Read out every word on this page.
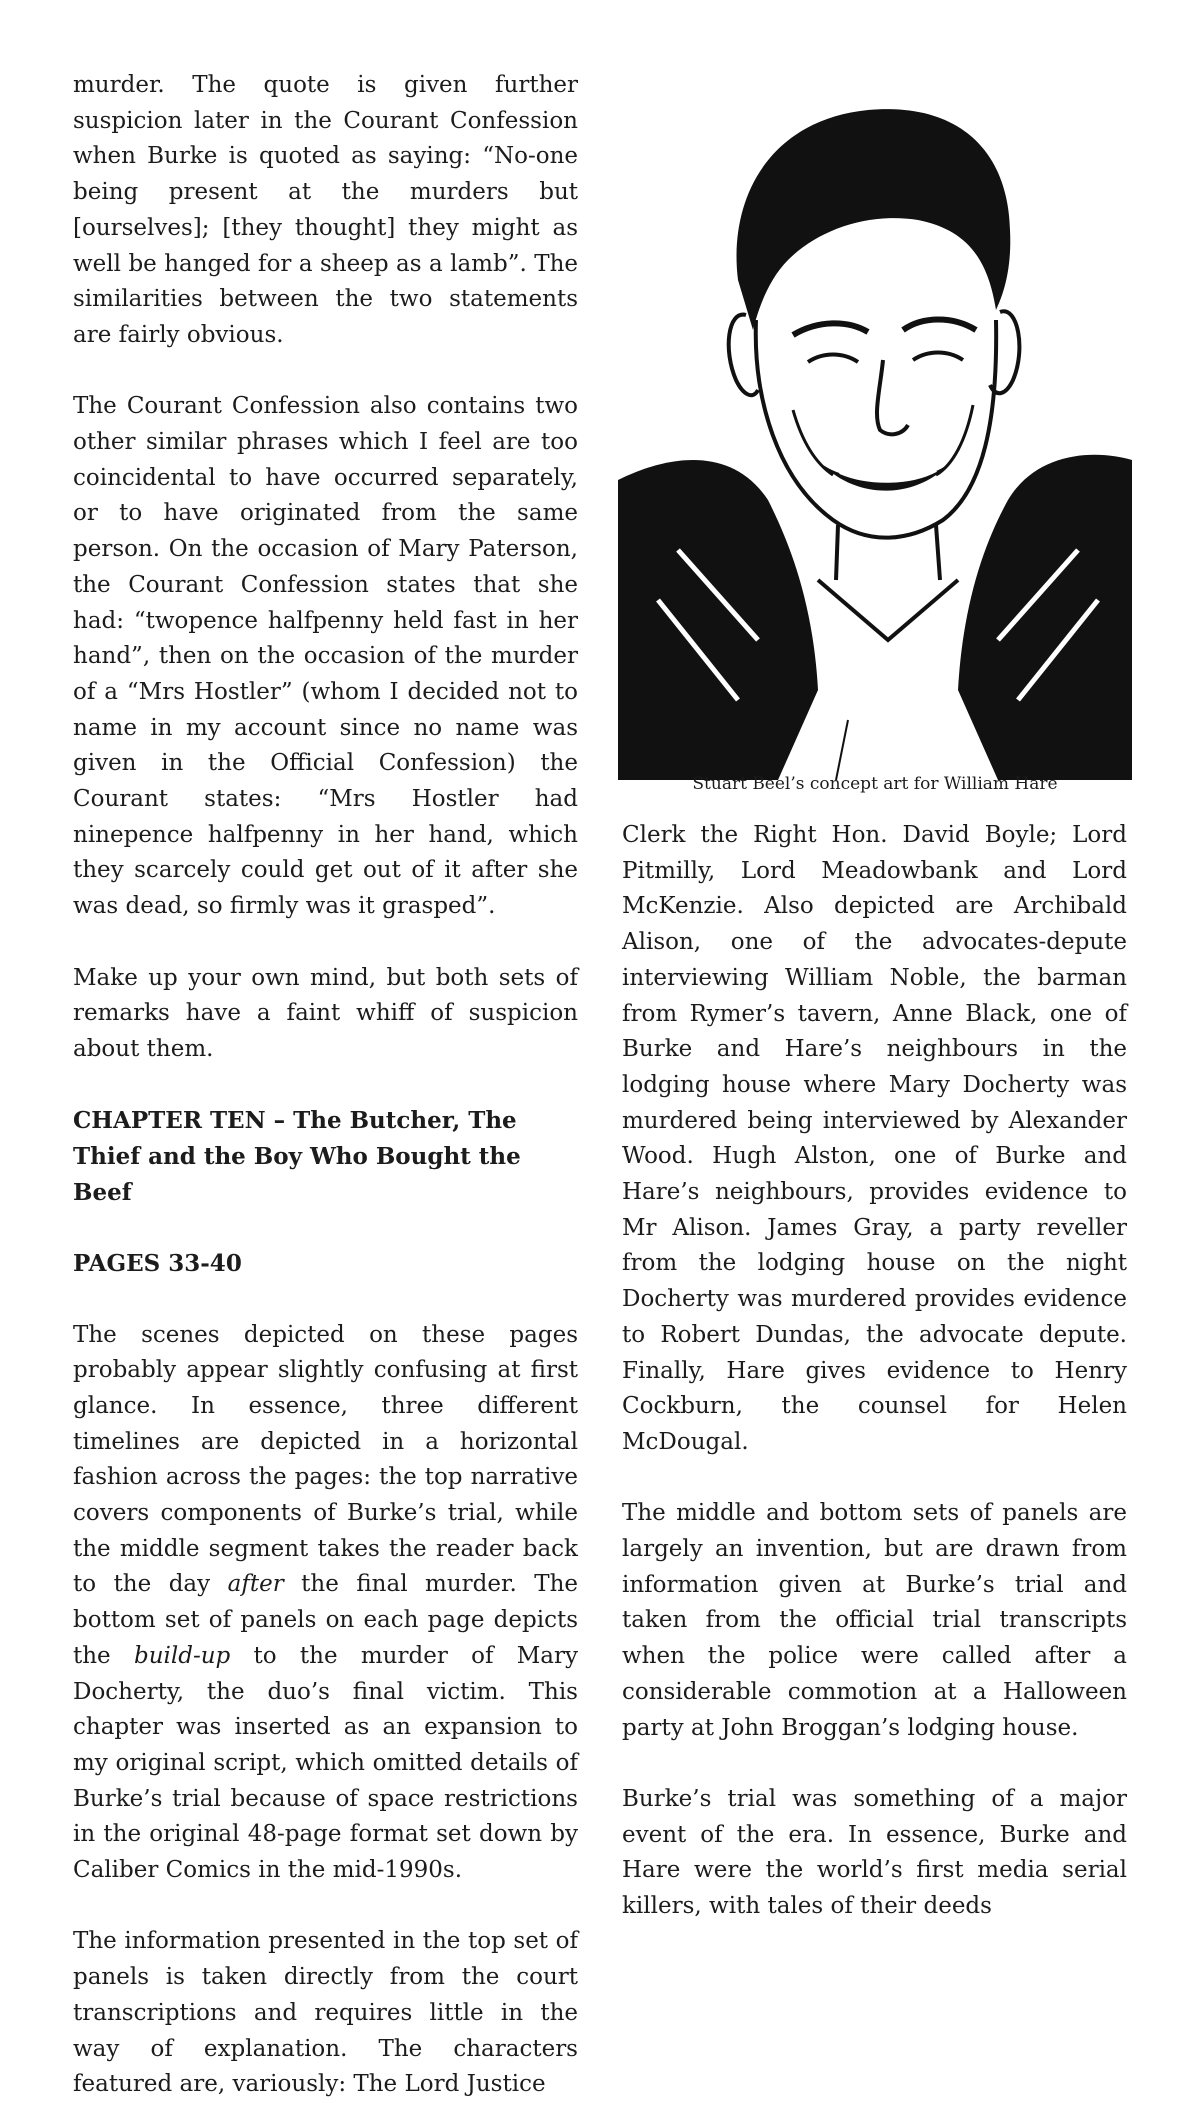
murder. The quote is given further suspicion later in the Courant Confession when Burke is quoted as saying: “No-one being present at the murders but [ourselves]; [they thought] they might as well be hanged for a sheep as a lamb”. The similarities between the two statements are fairly obvious.

The Courant Confession also contains two other similar phrases which I feel are too coincidental to have occurred separately, or to have originated from the same person. On the occasion of Mary Paterson, the Courant Confession states that she had: “twopence halfpenny held fast in her hand”, then on the occasion of the murder of a “Mrs Hostler” (whom I decided not to name in my account since no name was given in the Official Confession) the Courant states: “Mrs Hostler had ninepence halfpenny in her hand, which they scarcely could get out of it after she was dead, so firmly was it grasped”.

Make up your own mind, but both sets of remarks have a faint whiff of suspicion about them.

CHAPTER TEN – The Butcher, The Thief and the Boy Who Bought the Beef

PAGES 33-40

The scenes depicted on these pages probably appear slightly confusing at first glance. In essence, three different timelines are depicted in a horizontal fashion across the pages: the top narrative covers components of Burke’s trial, while the middle segment takes the reader back to the day after the final murder. The bottom set of panels on each page depicts the build-up to the murder of Mary Docherty, the duo’s final victim. This chapter was inserted as an expansion to my original script, which omitted details of Burke’s trial because of space restrictions in the original 48-page format set down by Caliber Comics in the mid-1990s.

The information presented in the top set of panels is taken directly from the court transcriptions and requires little in the way of explanation. The characters featured are, variously: The Lord Justice

Stuart Beel’s concept art for William Hare

Clerk the Right Hon. David Boyle; Lord Pitmilly, Lord Meadowbank and Lord McKenzie. Also depicted are Archibald Alison, one of the advocates-depute interviewing William Noble, the barman from Rymer’s tavern, Anne Black, one of Burke and Hare’s neighbours in the lodging house where Mary Docherty was murdered being interviewed by Alexander Wood. Hugh Alston, one of Burke and Hare’s neighbours, provides evidence to Mr Alison. James Gray, a party reveller from the lodging house on the night Docherty was murdered provides evidence to Robert Dundas, the advocate depute. Finally, Hare gives evidence to Henry Cockburn, the counsel for Helen McDougal.

The middle and bottom sets of panels are largely an invention, but are drawn from information given at Burke’s trial and taken from the official trial transcripts when the police were called after a considerable commotion at a Halloween party at John Broggan’s lodging house.

Burke’s trial was something of a major event of the era. In essence, Burke and Hare were the world’s first media serial killers, with tales of their deeds
